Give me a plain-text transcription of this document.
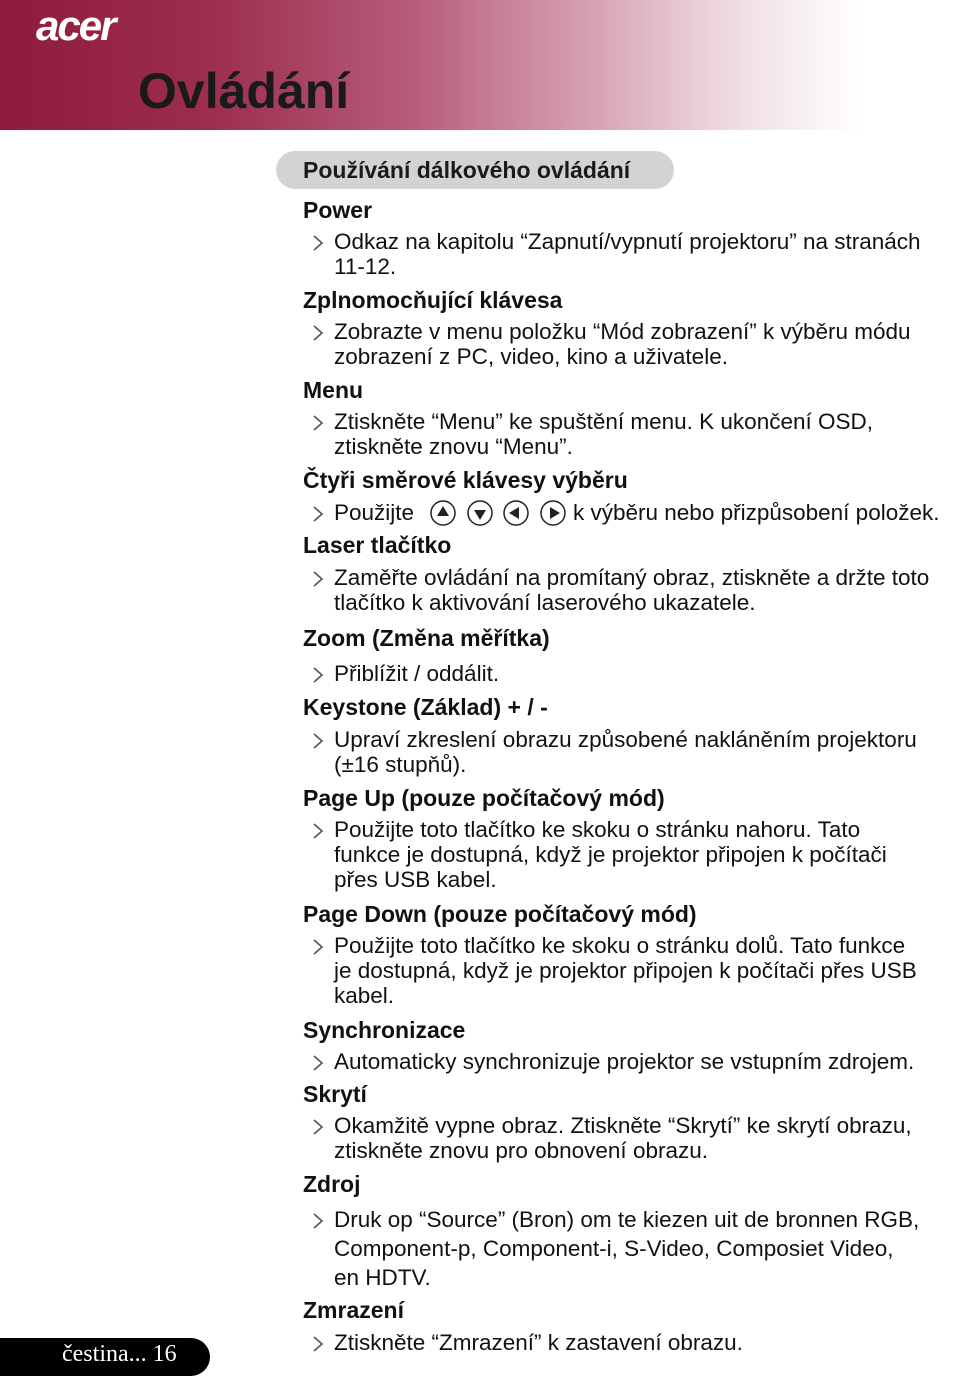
acer
Ovládání
Používání dálkového ovládání
Power
Odkaz na kapitolu “Zapnutí/vypnutí projektoru” na stranách
11-12.
Zplnomocňující klávesa
Zobrazte v menu položku “Mód zobrazení” k výběru módu
zobrazení z PC, video, kino a uživatele.
Menu
Ztiskněte “Menu” ke spuštění menu. K ukončení OSD,
ztiskněte znovu “Menu”.
Čtyři směrové klávesy výběru
Použijte	k výběru nebo přizpůsobení položek.
Laser tlačítko
Zaměřte ovládání na promítaný obraz, ztiskněte a držte toto
tlačítko k aktivování laserového ukazatele.
Zoom (Změna měřítka)
Přiblížit / oddálit.
Keystone (Základ) + / -
Upraví zkreslení obrazu způsobené nakláněním projektoru
(±16 stupňů).
Page Up (pouze počítačový mód)
Použijte toto tlačítko ke skoku o stránku nahoru. Tato
funkce je dostupná, když je projektor připojen k počítači
přes USB kabel.
Page Down (pouze počítačový mód)
Použijte toto tlačítko ke skoku o stránku dolů. Tato funkce
je dostupná, když je projektor připojen k počítači přes USB
kabel.
Synchronizace
Automaticky synchronizuje projektor se vstupním zdrojem.
Skrytí
Okamžitě vypne obraz. Ztiskněte “Skrytí” ke skrytí obrazu,
ztiskněte znovu pro obnovení obrazu.
Zdroj
Druk op “Source” (Bron) om te kiezen uit de bronnen RGB,
Component-p, Component-i, S-Video, Composiet Video,
en HDTV.
Zmrazení
Ztiskněte “Zmrazení” k zastavení obrazu.
čestina... 16
